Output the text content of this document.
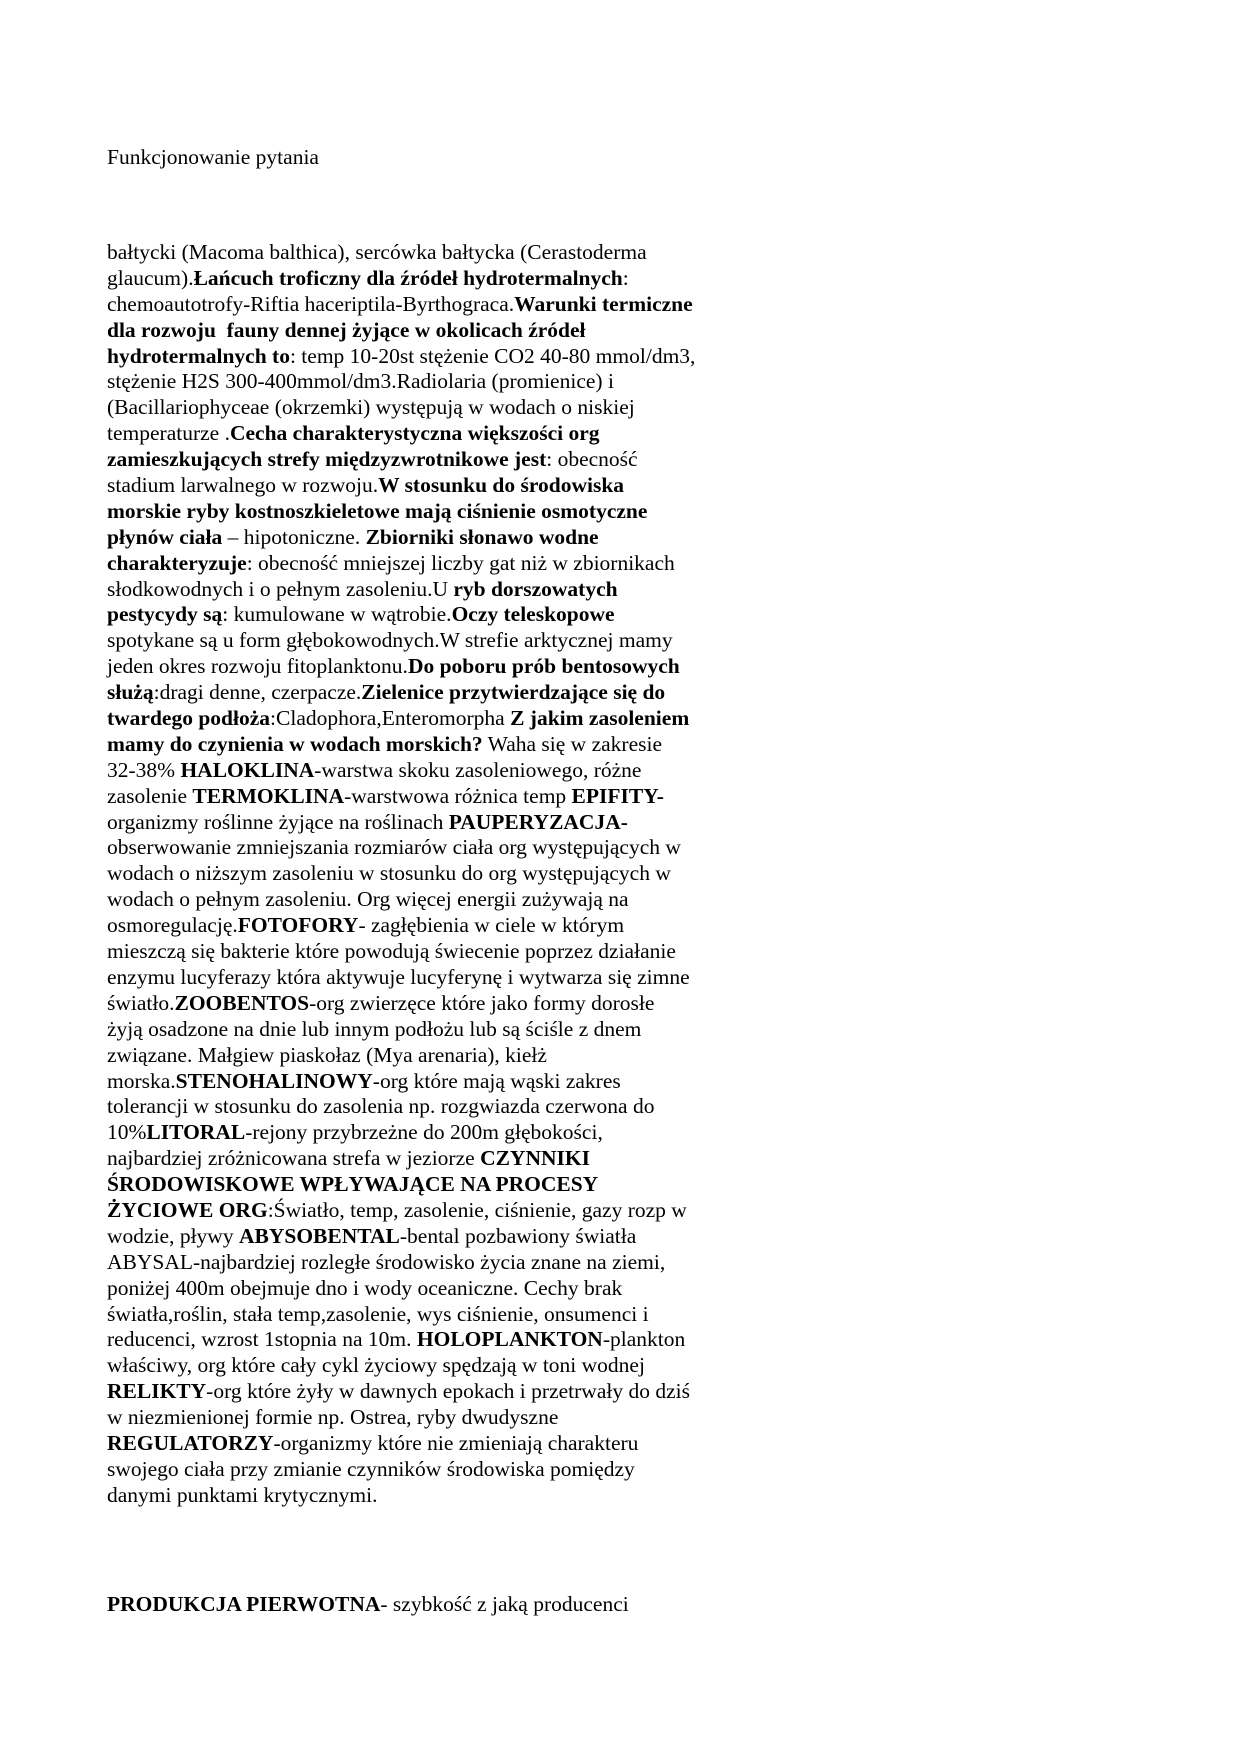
Funkcjonowanie pytania
bałtycki (Macoma balthica), sercówka bałtycka (Cerastoderma
glaucum).Łańcuch troficzny dla źródeł hydrotermalnych:
chemoautotrofy-Riftia haceriptila-Byrthograca.Warunki termiczne
dla rozwoju  fauny dennej żyjące w okolicach źródeł
hydrotermalnych to: temp 10-20st stężenie CO2 40-80 mmol/dm3,
stężenie H2S 300-400mmol/dm3.Radiolaria (promienice) i
(Bacillariophyceae (okrzemki) występują w wodach o niskiej
temperaturze .Cecha charakterystyczna większości org
zamieszkujących strefy międzyzwrotnikowe jest: obecność
stadium larwalnego w rozwoju.W stosunku do środowiska
morskie ryby kostnoszkieletowe mają ciśnienie osmotyczne
płynów ciała – hipotoniczne. Zbiorniki słonawo wodne
charakteryzuje: obecność mniejszej liczby gat niż w zbiornikach
słodkowodnych i o pełnym zasoleniu.U ryb dorszowatych
pestycydy są: kumulowane w wątrobie.Oczy teleskopowe
spotykane są u form głębokowodnych.W strefie arktycznej mamy
jeden okres rozwoju fitoplanktonu.Do poboru prób bentosowych
służą:dragi denne, czerpacze.Zielenice przytwierdzające się do
twardego podłoża:Cladophora,Enteromorpha Z jakim zasoleniem
mamy do czynienia w wodach morskich? Waha się w zakresie
32-38% HALOKLINA-warstwa skoku zasoleniowego, różne
zasolenie TERMOKLINA-warstwowa różnica temp EPIFITY-
organizmy roślinne żyjące na roślinach PAUPERYZACJA-
obserwowanie zmniejszania rozmiarów ciała org występujących w
wodach o niższym zasoleniu w stosunku do org występujących w
wodach o pełnym zasoleniu. Org więcej energii zużywają na
osmoregulację.FOTOFORY- zagłębienia w ciele w którym
mieszczą się bakterie które powodują świecenie poprzez działanie
enzymu lucyferazy która aktywuje lucyferynę i wytwarza się zimne
światło.ZOOBENTOS-org zwierzęce które jako formy dorosłe
żyją osadzone na dnie lub innym podłożu lub są ściśle z dnem
związane. Małgiew piaskołaz (Mya arenaria), kiełż
morska.STENOHALINOWY-org które mają wąski zakres
tolerancji w stosunku do zasolenia np. rozgwiazda czerwona do
10%LITORAL-rejony przybrzeżne do 200m głębokości,
najbardziej zróżnicowana strefa w jeziorze CZYNNIKI
ŚRODOWISKOWE WPŁYWAJĄCE NA PROCESY
ŻYCIOWE ORG:Światło, temp, zasolenie, ciśnienie, gazy rozp w
wodzie, pływy ABYSOBENTAL-bental pozbawiony światła
ABYSAL-najbardziej rozległe środowisko życia znane na ziemi,
poniżej 400m obejmuje dno i wody oceaniczne. Cechy brak
światła,roślin, stała temp,zasolenie, wys ciśnienie, onsumenci i
reducenci, wzrost 1stopnia na 10m. HOLOPLANKTON-plankton
właściwy, org które cały cykl życiowy spędzają w toni wodnej
RELIKTY-org które żyły w dawnych epokach i przetrwały do dziś
w niezmienionej formie np. Ostrea, ryby dwudyszne
REGULATORZY-organizmy które nie zmieniają charakteru
swojego ciała przy zmianie czynników środowiska pomiędzy
danymi punktami krytycznymi.
PRODUKCJA PIERWOTNA- szybkość z jaką producenci
